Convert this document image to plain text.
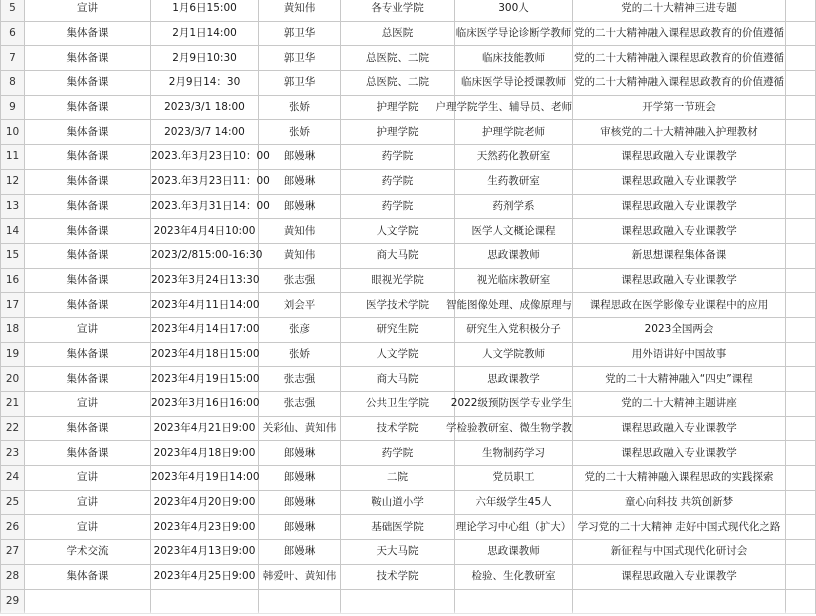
5	宣讲	1月6日15:00	黄知伟	各专业学院	300人	党的二十大精神三进专题	
6	集体备课	2月1日14:00	郭卫华	总医院	临床医学导论诊断学教师	党的二十大精神融入课程思政教育的价值遵循	
7	集体备课	2月9日10:30	郭卫华	总医院、二院	临床技能教师	党的二十大精神融入课程思政教育的价值遵循	
8	集体备课	2月9日14：30	郭卫华	总医院、二院	临床医学导论授课教师	党的二十大精神融入课程思政教育的价值遵循	
9	集体备课	2023/3/1 18:00	张娇	护理学院	户理学院学生、辅导员、老师	开学第一节班会	
10	集体备课	2023/3/7 14:00	张娇	护理学院	护理学院老师	审核党的二十大精神融入护理教材	
11	集体备课	2023.年3月23日10：00	郎嫚琳	药学院	天然药化教研室	课程思政融入专业课教学	
12	集体备课	2023.年3月23日11：00	郎嫚琳	药学院	生药教研室	课程思政融入专业课教学	
13	集体备课	2023.年3月31日14：00	郎嫚琳	药学院	药剂学系	课程思政融入专业课教学	
14	集体备课	2023年4月4日10:00	黄知伟	人文学院	医学人文概论课程	课程思政融入专业课教学	
15	集体备课	2023/2/815:00-16:30	黄知伟	商大马院	思政课教师	新思想课程集体备课	
16	集体备课	2023年3月24日13:30	张志强	眼视光学院	视光临床教研室	课程思政融入专业课教学	
17	集体备课	2023年4月11日14:00	刘会平	医学技术学院	智能图像处理、成像原理与	课程思政在医学影像专业课程中的应用	
18	宣讲	2023年4月14日17:00	张彦	研究生院	研究生入党积极分子	2023全国两会	
19	集体备课	2023年4月18日15:00	张娇	人文学院	人文学院教师	用外语讲好中国故事	
20	集体备课	2023年4月19日15:00	张志强	商大马院	思政课教学	党的二十大精神融入“四史”课程	
21	宣讲	2023年3月16日16:00	张志强	公共卫生学院	2022级预防医学专业学生	党的二十大精神主题讲座	
22	集体备课	2023年4月21日9:00	关彩仙、黄知伟	技术学院	学检验教研室、微生物学教	课程思政融入专业课教学	
23	集体备课	2023年4月18日9:00	郎嫚琳	药学院	生物制药学习	课程思政融入专业课教学	
24	宣讲	2023年4月19日14:00	郎嫚琳	二院	党员职工	党的二十大精神融入课程思政的实践探索	
25	宣讲	2023年4月20日9:00	郎嫚琳	鞍山道小学	六年级学生45人	童心向科技 共筑创新梦	
26	宣讲	2023年4月23日9:00	郎嫚琳	基础医学院	理论学习中心组（扩大）	学习党的二十大精神 走好中国式现代化之路	
27	学术交流	2023年4月13日9:00	郎嫚琳	天大马院	思政课教师	新征程与中国式现代化研讨会	
28	集体备课	2023年4月25日9:00	韩爱叶、黄知伟	技术学院	检验、生化教研室	课程思政融入专业课教学	
29							
